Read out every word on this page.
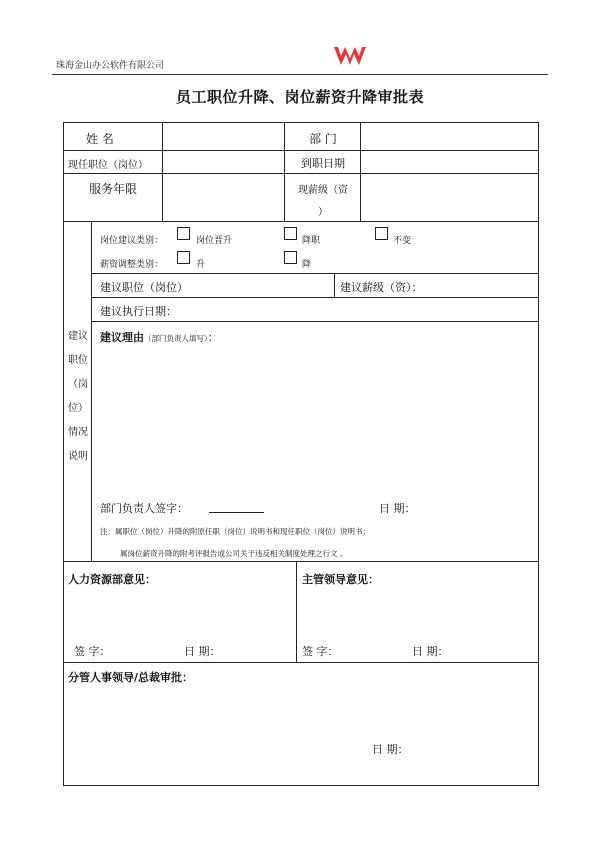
珠海金山办公软件有限公司
员工职位升降、岗位薪资升降审批表
姓 名	部 门
现任职位（岗位）	到职日期
服务年限	现薪级（资
）
建议
职位
（岗
位）
情况
说明
岗位建议类别：	岗位晋升	降职	不变
薪资调整类别：	升	降
建议职位（岗位）	建议薪级（资）：
建议执行日期：
建议理由（部门负责人填写）：
部门负责人签字：	日 期：
注：属职位（岗位）升降的附原任职（岗位）说明书和现任职位（岗位）说明书；
属岗位薪资升降的附考评报告或公司关于违反相关制度处理之行文 。
人力资源部意见：	主管领导意见：
签 字：	日 期：	签 字：	日 期：
分管人事领导/总裁审批：
日 期：
